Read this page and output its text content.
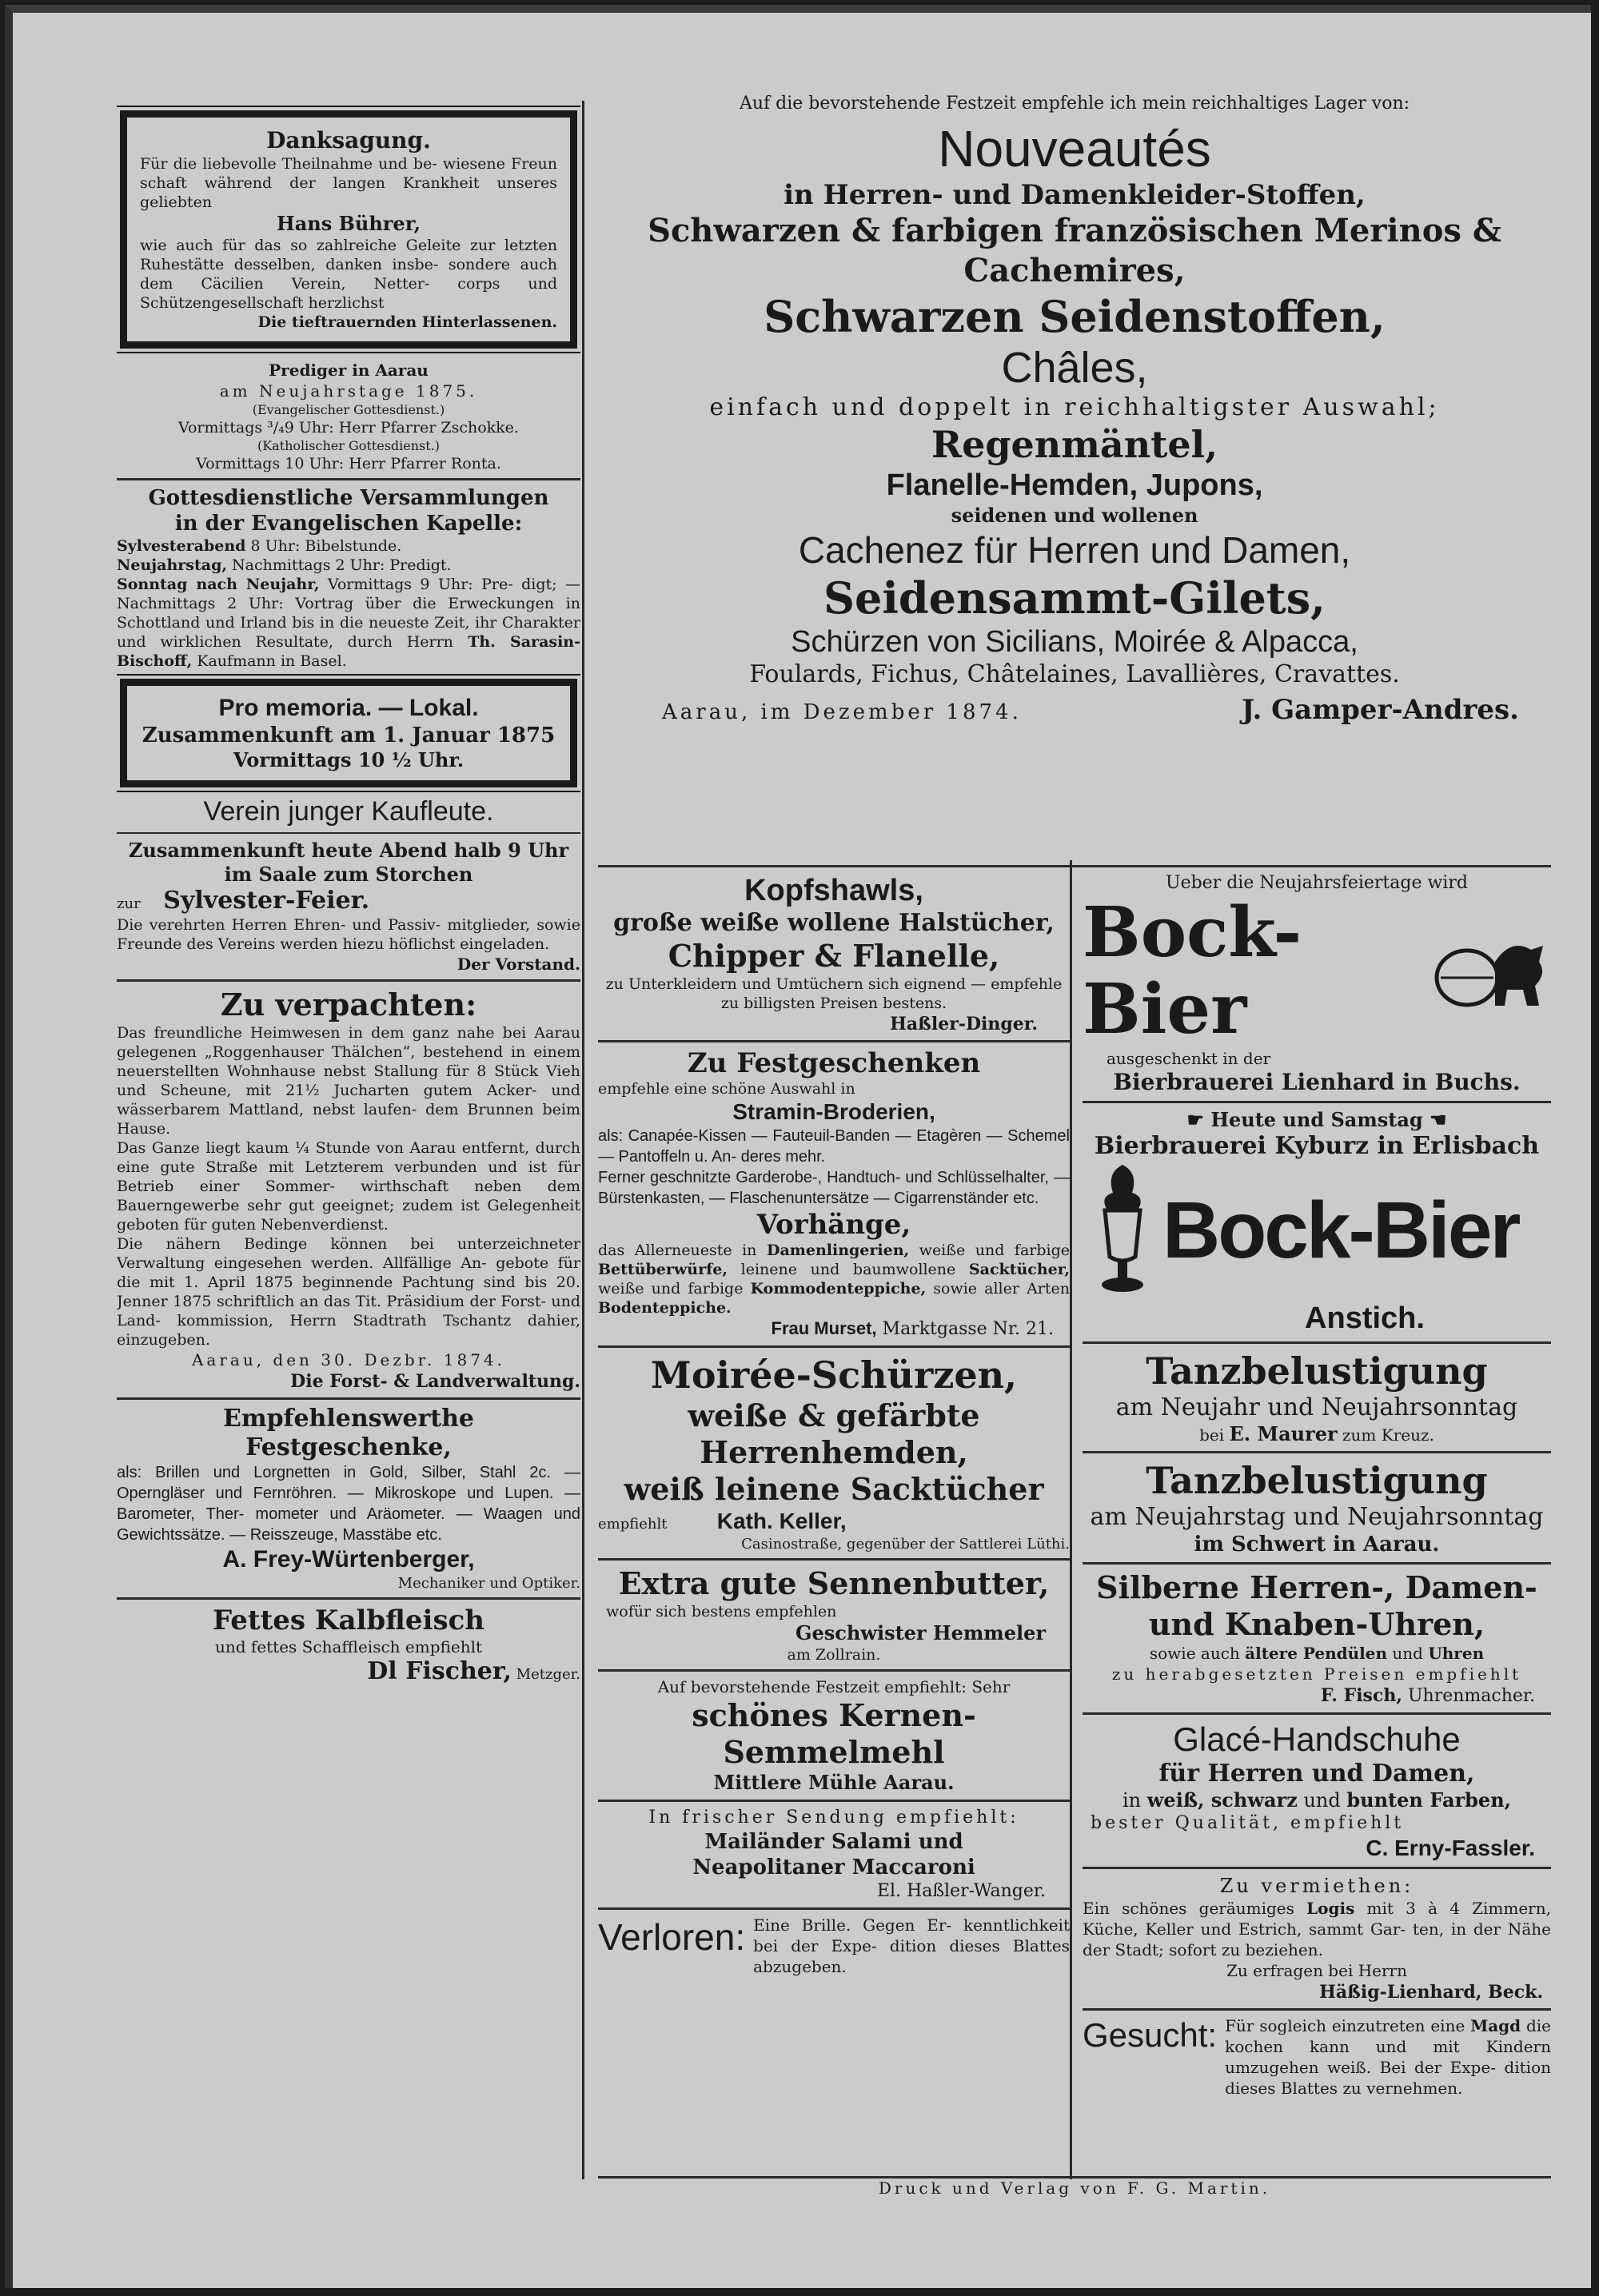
Danksagung.

Für die liebevolle Theilnahme und be- wiesene Freun schaft während der langen Krankheit unseres geliebten

Hans Bührer,

wie auch für das so zahlreiche Geleite zur letzten Ruhestätte desselben, danken insbe- sondere auch dem Cäcilien Verein, Netter- corps und Schützengesellschaft herzlichst

Die tieftrauernden Hinterlassenen.

Prediger in Aarau

am Neujahrstage 1875.

(Evangelischer Gottesdienst.)

Vormittags ³/₄9 Uhr: Herr Pfarrer Zschokke.

(Katholischer Gottesdienst.)

Vormittags 10 Uhr: Herr Pfarrer Ronta.

Gottesdienstliche Versammlungen

in der Evangelischen Kapelle:

Sylvesterabend 8 Uhr: Bibelstunde.

Neujahrstag, Nachmittags 2 Uhr: Predigt.

Sonntag nach Neujahr, Vormittags 9 Uhr: Pre- digt; — Nachmittags 2 Uhr: Vortrag über die Erweckungen in Schottland und Irland bis in die neueste Zeit, ihr Charakter und wirklichen Resultate, durch Herrn Th. Sarasin- Bischoff, Kaufmann in Basel.

Pro memoria. — Lokal.

Zusammenkunft am 1. Januar 1875

Vormittags 10 ½ Uhr.

Verein junger Kaufleute.

Zusammenkunft heute Abend halb 9 Uhr

im Saale zum Storchen

zur Sylvester-Feier.

Die verehrten Herren Ehren- und Passiv- mitglieder, sowie Freunde des Vereins werden hiezu höflichst eingeladen.

Der Vorstand.

Zu verpachten:

Das freundliche Heimwesen in dem ganz nahe bei Aarau gelegenen „Roggenhauser Thälchen“, bestehend in einem neuerstellten Wohnhause nebst Stallung für 8 Stück Vieh und Scheune, mit 21½ Jucharten gutem Acker- und wässerbarem Mattland, nebst laufen- dem Brunnen beim Hause.

Das Ganze liegt kaum ¼ Stunde von Aarau entfernt, durch eine gute Straße mit Letzterem verbunden und ist für Betrieb einer Sommer- wirthschaft neben dem Bauerngewerbe sehr gut geeignet; zudem ist Gelegenheit geboten für guten Nebenverdienst.

Die nähern Bedinge können bei unterzeichneter Verwaltung eingesehen werden. Allfällige An- gebote für die mit 1. April 1875 beginnende Pachtung sind bis 20. Jenner 1875 schriftlich an das Tit. Präsidium der Forst- und Land- kommission, Herrn Stadtrath Tschantz dahier, einzugeben.

Aarau, den 30. Dezbr. 1874.

Die Forst- & Landverwaltung.

Empfehlenswerthe Festgeschenke,

als: Brillen und Lorgnetten in Gold, Silber, Stahl 2c. — Operngläser und Fernröhren. — Mikroskope und Lupen. — Barometer, Ther- mometer und Aräometer. — Waagen und Gewichtssätze. — Reisszeuge, Masstäbe etc.

A. Frey-Würtenberger,

Mechaniker und Optiker.

Fettes Kalbfleisch

und fettes Schaffleisch empfiehlt

Dl Fischer, Metzger.

Auf die bevorstehende Festzeit empfehle ich mein reichhaltiges Lager von:

Nouveautés

in Herren- und Damenkleider-Stoffen,

Schwarzen & farbigen französischen Merinos & Cachemires,

Schwarzen Seidenstoffen,

Châles,

einfach und doppelt in reichhaltigster Auswahl;

Regenmäntel,

Flanelle-Hemden, Jupons,

seidenen und wollenen

Cachenez für Herren und Damen,

Seidensammt-Gilets,

Schürzen von Sicilians, Moirée & Alpacca,

Foulards, Fichus, Châtelaines, Lavallières, Cravattes.

Aarau, im Dezember 1874.	J. Gamper-Andres.

Kopfshawls,

große weiße wollene Halstücher,

Chipper & Flanelle,

zu Unterkleidern und Umtüchern sich eignend — empfehle zu billigsten Preisen bestens.

Haßler-Dinger.

Zu Festgeschenken

empfehle eine schöne Auswahl in

Stramin-Broderien,

als: Canapée-Kissen — Fauteuil-Banden — Etagèren — Schemel — Pantoffeln u. An- deres mehr.

Ferner geschnitzte Garderobe-, Handtuch- und Schlüsselhalter, — Bürstenkasten, — Flaschenuntersätze — Cigarrenständer etc.

Vorhänge,

das Allerneueste in Damenlingerien, weiße und farbige Bettüberwürfe, leinene und baumwollene Sacktücher, weiße und farbige Kommodenteppiche, sowie aller Arten Bodenteppiche.

Frau Murset, Marktgasse Nr. 21.

Moirée-Schürzen,

weiße & gefärbte Herrenhemden,

weiß leinene Sacktücher

empfiehlt Kath. Keller,

Casinostraße, gegenüber der Sattlerei Lüthi.

Extra gute Sennenbutter,

wofür sich bestens empfehlen

Geschwister Hemmeler

am Zollrain.

Auf bevorstehende Festzeit empfiehlt: Sehr

schönes Kernen-Semmelmehl

Mittlere Mühle Aarau.

In frischer Sendung empfiehlt:

Mailänder Salami und

Neapolitaner Maccaroni

El. Haßler-Wanger.

Verloren: Eine Brille. Gegen Er- kenntlichkeit bei der Expe- dition dieses Blattes abzugeben.

Ueber die Neujahrsfeiertage wird

Bock-Bier

ausgeschenkt in der

Bierbrauerei Lienhard in Buchs.

☛ Heute und Samstag ☚

Bierbrauerei Kyburz in Erlisbach

Bock-Bier

Anstich.

Tanzbelustigung

am Neujahr und Neujahrsonntag

bei E. Maurer zum Kreuz.

Tanzbelustigung

am Neujahrstag und Neujahrsonntag

im Schwert in Aarau.

Silberne Herren-, Damen-

und Knaben-Uhren,

sowie auch ältere Pendülen und Uhren

zu herabgesetzten Preisen empfiehlt

F. Fisch, Uhrenmacher.

Glacé-Handschuhe

für Herren und Damen,

in weiß, schwarz und bunten Farben,

bester Qualität, empfiehlt

C. Erny-Fassler.

Zu vermiethen:

Ein schönes geräumiges Logis mit 3 à 4 Zimmern, Küche, Keller und Estrich, sammt Gar- ten, in der Nähe der Stadt; sofort zu beziehen.

Zu erfragen bei Herrn

Häßig-Lienhard, Beck.

Gesucht: Für sogleich einzutreten eine Magd die kochen kann und mit Kindern umzugehen weiß. Bei der Expe- dition dieses Blattes zu vernehmen.

Druck und Verlag von F. G. Martin.
